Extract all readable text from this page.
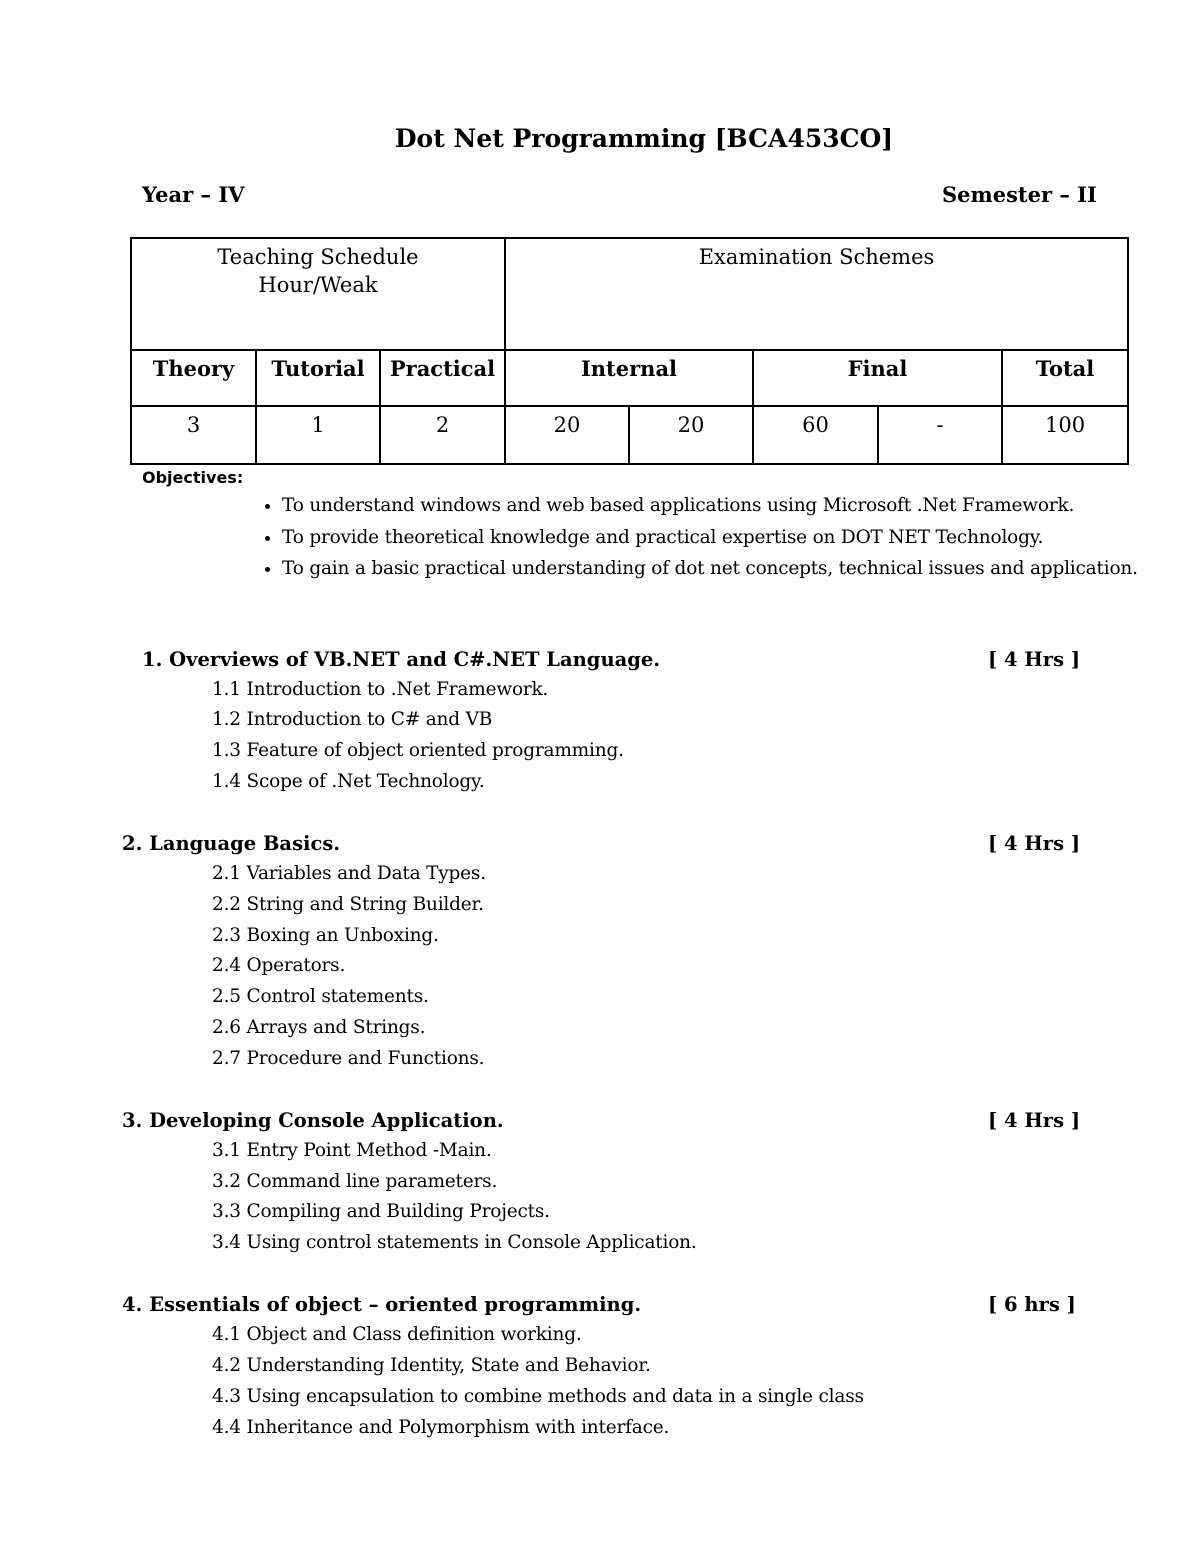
Dot Net Programming [BCA453CO]
Year – IV	Semester – II
Teaching Schedule
Hour/Weak			Examination Schemes				
Theory	Tutorial	Practical	Internal		Final		Total
3	1	2	20	20	60	-	100
Objectives:
• To understand windows and web based applications using Microsoft .Net Framework.
• To provide theoretical knowledge and practical expertise on DOT NET Technology.
• To gain a basic practical understanding of dot net concepts, technical issues and application.
1. Overviews of VB.NET and C#.NET Language.	[ 4 Hrs ]
1.1 Introduction to .Net Framework.
1.2 Introduction to C# and VB
1.3 Feature of object oriented programming.
1.4 Scope of .Net Technology.
2. Language Basics.	[ 4 Hrs ]
2.1 Variables and Data Types.
2.2 String and String Builder.
2.3 Boxing an Unboxing.
2.4 Operators.
2.5 Control statements.
2.6 Arrays and Strings.
2.7 Procedure and Functions.
3. Developing Console Application.	[ 4 Hrs ]
3.1 Entry Point Method -Main.
3.2 Command line parameters.
3.3 Compiling and Building Projects.
3.4 Using control statements in Console Application.
4. Essentials of object – oriented programming.	[ 6 hrs ]
4.1 Object and Class definition working.
4.2 Understanding Identity, State and Behavior.
4.3 Using encapsulation to combine methods and data in a single class
4.4 Inheritance and Polymorphism with interface.
